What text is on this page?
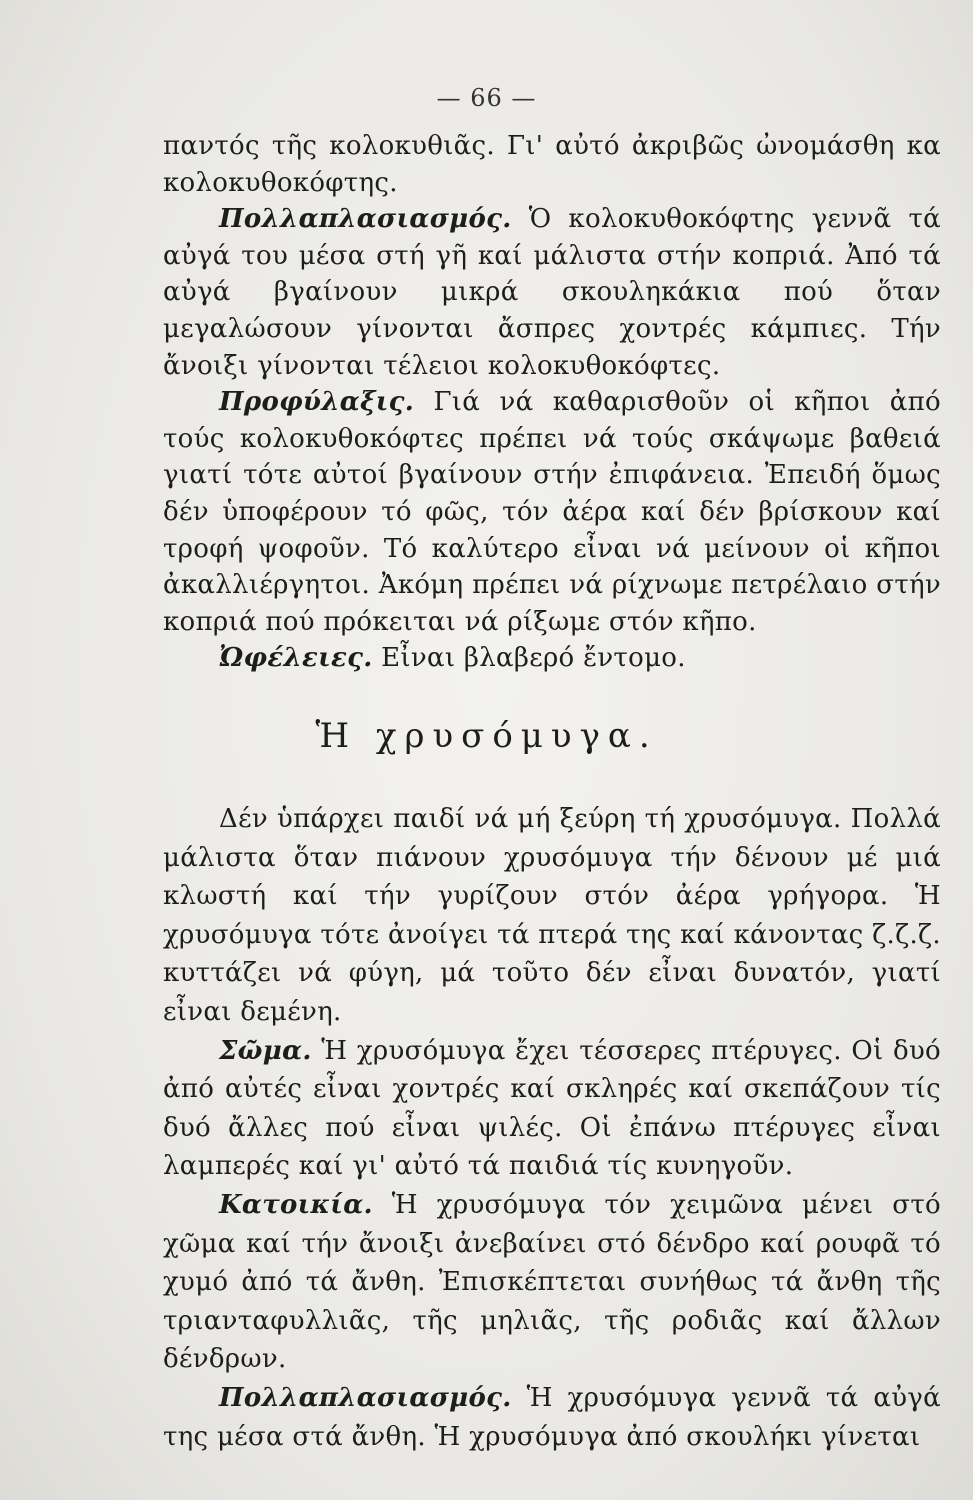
— 66 —

παντός τῆς κολοκυθιᾶς. Γι' αὐτό ἀκριβῶς ὠνομάσθη κα κολοκυθοκόφτης.

Πολλαπλασιασμός. Ὁ κολοκυθοκόφτης γεννᾶ τά αὐγά του μέσα στή γῆ καί μάλιστα στήν κοπριά. Ἀπό τά αὐγά βγαίνουν μικρά σκουληκάκια πού ὅταν μεγαλώσουν γίνονται ἄσπρες χοντρές κάμπιες. Τήν ἄνοιξι γίνονται τέλειοι κολοκυθοκόφτες.

Προφύλαξις. Γιά νά καθαρισθοῦν οἱ κῆποι ἀπό τούς κολοκυθοκόφτες πρέπει νά τούς σκάψωμε βαθειά γιατί τότε αὐτοί βγαίνουν στήν ἐπιφάνεια. Ἐπειδή ὅμως δέν ὑποφέρουν τό φῶς, τόν ἀέρα καί δέν βρίσκουν καί τροφή ψοφοῦν. Τό καλύτερο εἶναι νά μείνουν οἱ κῆποι ἀκαλλιέργητοι. Ἀκόμη πρέπει νά ρίχνωμε πετρέλαιο στήν κοπριά πού πρόκειται νά ρίξωμε στόν κῆπο.

Ὠφέλειες. Εἶναι βλαβερό ἔντομο.

Ἡ χρυσόμυγα.

Δέν ὑπάρχει παιδί νά μή ξεύρη τή χρυσόμυγα. Πολλά μάλιστα ὅταν πιάνουν χρυσόμυγα τήν δένουν μέ μιά κλωστή καί τήν γυρίζουν στόν ἀέρα γρήγορα. Ἡ χρυσόμυγα τότε ἀνοίγει τά πτερά της καί κάνοντας ζ.ζ.ζ. κυττάζει νά φύγη, μά τοῦτο δέν εἶναι δυνατόν, γιατί εἶναι δεμένη.

Σῶμα. Ἡ χρυσόμυγα ἔχει τέσσερες πτέρυγες. Οἱ δυό ἀπό αὐτές εἶναι χοντρές καί σκληρές καί σκεπάζουν τίς δυό ἄλλες πού εἶναι ψιλές. Οἱ ἐπάνω πτέρυγες εἶναι λαμπερές καί γι' αὐτό τά παιδιά τίς κυνηγοῦν.

Κατοικία. Ἡ χρυσόμυγα τόν χειμῶνα μένει στό χῶμα καί τήν ἄνοιξι ἀνεβαίνει στό δένδρο καί ρουφᾶ τό χυμό ἀπό τά ἄνθη. Ἐπισκέπτεται συνήθως τά ἄνθη τῆς τριανταφυλλιᾶς, τῆς μηλιᾶς, τῆς ροδιᾶς καί ἄλλων δένδρων.

Πολλαπλασιασμός. Ἡ χρυσόμυγα γεννᾶ τά αὐγά της μέσα στά ἄνθη. Ἡ χρυσόμυγα ἀπό σκουλήκι γίνεται
